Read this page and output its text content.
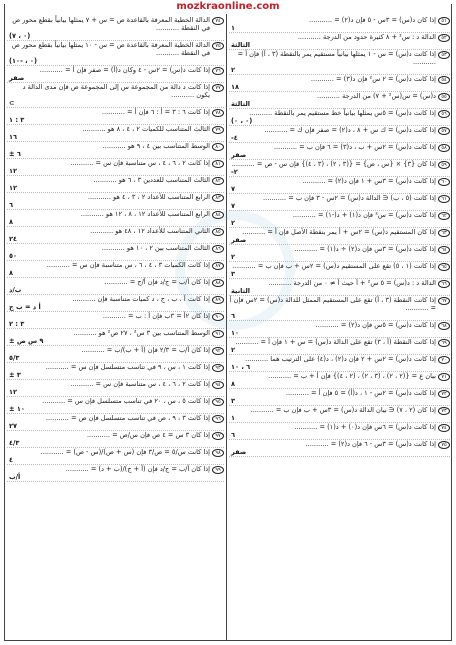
mozkraonline.com
٥١
إذا كان د(س) = ٣س - ٥ فإن د(٢) = ...........
١
٥٢
الدالة د : س² + ٨ كثيرة حدود من الدرجة ...........
الثالثة
٥٣
إذا كانت د(س) = س - ١ يمثلها بيانياً مستقيم يمر بالنقطة (٣ ، أ) فإن أ = ...........
٢
٥٤
إذا كانت د(س) = ٢ س² فإن د(٣) = ...........
١٨
٥٥
د(س) = س(س² + ٧) من الدرجة ...........
الثالثة
٥٦
إذا كانت د(س) = ٥س يمثلها بيانياً خط مستقيم يمر بالنقطة ...........
(٠ ، ٠)
٥٧
إذا كانت د(س) = ك س + ٨ ، د(٢) = صفر فإن ك = ...........
-٤
٥٨
إذا كانت د(س) = ٢س + ب ، د(٣) = ٦ فإن ب = ...........
صفر
٥٩
إذا كان {٣} × {س ، ص} = {(٣ ، ٢) ، (٣ ، ٤)} فإن س - ص = ...........
-٢
٦٠
إذا كانت د(س) = ٣س + ١ فإن د(٢) = ...........
٧
٦١
إذا كانت (٥ ، ب) ∈ الدالة د(س) = ٢س - ٣ فإن ب = ...........
٧
٦٢
إذا كانت د(س) = س² فإن د(١) + د(-١) = ...........
٢
٦٣
إذا كان المستقيم د(س) = ٢س + أ يمر بنقطة الأصل فإن أ = ...........
صفر
٦٤
إذا كانت د(س) = ٣س فإن د(٢) ÷ د(١) = ...........
٢
٦٥
إذا كانت (١ ، ٥) تقع على المستقيم د(س) = ٢س + ب فإن ب = ...........
٣
٦٦
الدالة د : د(س) = ٥ س² + أ حيث أ ≠ ٠ من الدرجة ...........
الثانية
٦٧
إذا كانت النقطة (٣ ، أ) تقع على المستقيم الممثل للدالة د(س) = ٢س فإن أ = ...........
٦
٦٨
إذا كانت د(س) = ٥س فإن د(٢) = ...........
١٠
٦٩
إذا كانت النقطة (أ ، ٣) تقع على الدالة د(س) = س + ١ فإن أ = ...........
٢
٧٠
إذا كانت د(س) = ٢س + ٢ فإن د(٢) ، د(٤) على الترتيب هما ...........
٦ ، ١٠
٧١
بيان ع = {(٢ ، ٢) ، (٣ ، ٢) ، (٢ ، ٤)} فإن أ + ب = ...........
٨
٧٢
إذا كانت د(س) = ٢س - ١ ، د(أ) = ٥ فإن أ = ...........
٣
٧٣
إذا كان (٢ ، ٧) ∈ بيان الدالة د(س) = ٣س + ب فإن ب = ...........
١
٧٤
إذا كانت د(س) = ٦س فإن د(٠) + د(١) = ...........
٦
٧٥
إذا كانت د(س) = ٣س - ٦ فإن د(٢) = ...........
صفر
٧٤
الدالة الخطية المعرفة بالقاعدة ص = س + ٧ يمثلها بيانياً بقطع محور ص في النقطة ...........
(٠ ، ٧)
٧٥
الدالة الخطية المعرفة بالقاعدة ص = س - ١٠ يمثلها بيانياً بقطع محور ص في النقطة ...........
(٠ ، -١٠)
٧٦
إذا كانت د(س) = ٢س - ٤ وكان د(أ) = صفر فإن أ = ...........
صفر
٧٧
إذا كانت د دالة من المجموعة س إلى المجموعة ص فإن مدى الدالة د يكون ...........
⊂
٧٨
إذا كانت ٦ : ٣ = أ : ٦ فإن أ = ...........
٣ : ١
٧٩
الثالث المتناسب للكميات ٢ ، ٤ ، ٨ هو ...........
١٦
٨٠
الوسط المتناسب بين ٤ ، ٩ هو ...........
± ٦
٨١
إذا كانت ٢ ، ٦ ، ٤ ، س متناسبة فإن س = ...........
١٢
٨٢
الثالث المتناسب للعددين ٣ ، ٦ هو ...........
١٢
٨٣
الرابع المتناسب للأعداد ٢ ، ٣ ، ٤ هو ...........
٦
٨٤
الرابع المتناسب للأعداد ١٢ ، ٨ ، ١٢ هو ...........
٨
٨٥
الثاني المتناسب للأعداد ١٢ ، ٤٨ هو ...........
٢٤
٨٦
الثالث المتناسب بين ٢ ، ١٠ هو ...........
٥٠
٨٧
إذا كانت الكميات ٣ ، ٤ ، ٦ ، س متناسبة فإن س = ...........
٨
٨٨
إذا كان أ/ب = ج/د فإن أ/ج = ...........
ب/د
٨٩
إذا كانت أ ، ب ، ج ، د كميات متناسبة فإن ...........
أ د = ب ج
٩٠
إذا كان ٢أ = ٣ب فإن أ : ب = ...........
٣ : ٢
٩١
الوسط المتناسب بين ٣ س² ، ٢٧ ص² هو ...........
± ٩ س ص
٩٢
إذا كان أ/ب = ٢/٣ فإن (أ + ب)/ب = ...........
٥/٣
٩٣
إذا كانت ١ ، س ، ٩ في تناسب متسلسل فإن س = ...........
± ٣
٩٤
إذا كانت ٢ ، ٦ ، ٤ ، س متناسبة فإن س = ...........
١٢
٩٥
إذا كانت ٥ ، س ، ٢٠ في تناسب متسلسل فإن س = ...........
± ١٠
٩٦
إذا كانت ٣ ، ٩ ، ص في تناسب متسلسل فإن ص = ...........
٢٧
٩٧
إذا كان ٣ س = ٤ ص فإن س/ص = ...........
٤/٣
٩٨
إذا كانت س/٥ = ص/٣ فإن (س + ص)/(س - ص) = ...........
٤
٩٩
إذا كان أ/ب = ج/د فإن (أ + ج)/(ب + د) = ...........
أ/ب
